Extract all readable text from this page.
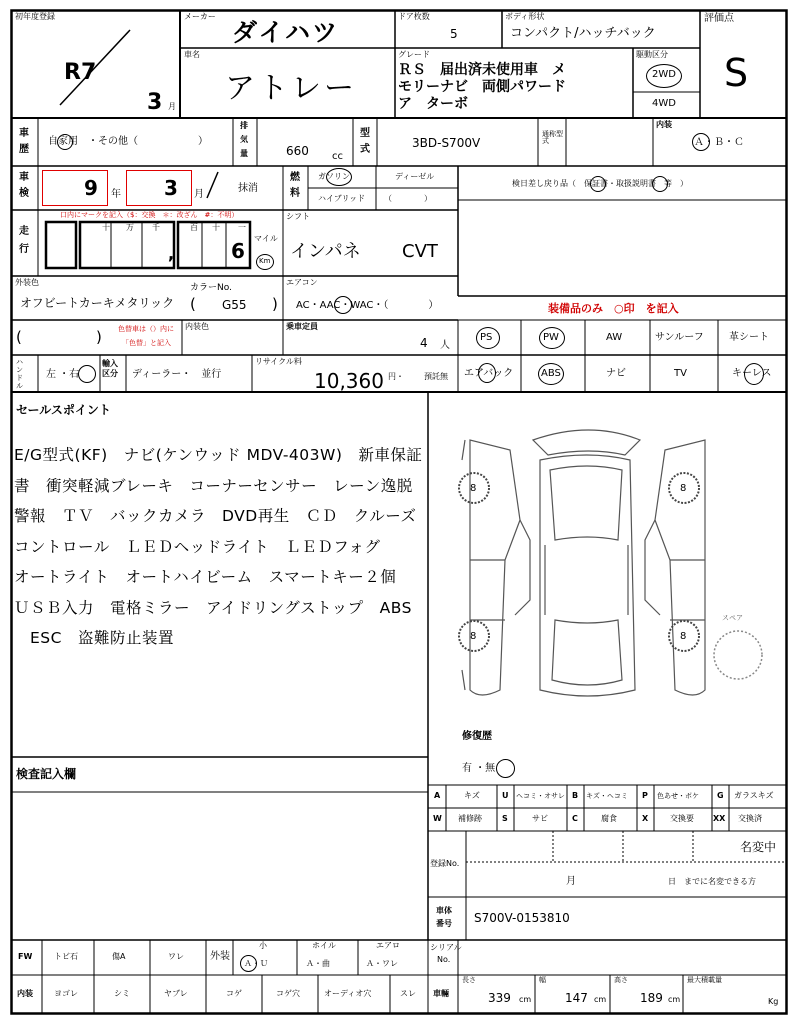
初年度登録
R7
3 月
メーカー
ダイハツ
車名
アトレー
ドア枚数
5
ボディ形状
コンパクト/ハッチバック
グレード
ＲＳ　届出済未使用車　メ
モリーナビ　両側パワード
ア　ターボ
駆動区分
2WD
4WD
評価点
S
車
歴
自家用　・その他（　　　　　　）
排
気
量	660 cc
型
式	3BD-S700V
通称型式
内装
Ａ・Ｂ・Ｃ
車
検	9 年 3 月
抹消
燃
料
ガソリン	ディーゼル
ハイブリッド （　　　　）
検日差し戻り品（　保証書・取扱説明書　等　）
走
行
口内にマークを記入（$：交換　＊：改ざん　#：不明）
十 万 千	百 十 一
,	6
マイル
Km
シフト
インパネ CVT
外装色
カラーNo.
オフビートカーキメタリック ( G55 )
エアコン
AC・AAC・WAC・（　　　　）
(	) 色替車は（）内に
「色替」と記入
内装色	乗車定員
4 人
装備品のみ　○印　を記入
PS	PW	AW	サンルーフ	革シート
エアバック	ABS	ナビ	TV	キーレス
ハンドル
左 ・右
輸入区分	ディーラー・　並行
リサイクル料
10,360 円・	預託無
セールスポイント
E/G型式(KF)　ナビ(ケンウッド MDV-403W)　新車保証
書　衝突軽減ブレーキ　コーナーセンサー　レーン逸脱
警報　ＴＶ　バックカメラ　DVD再生　ＣＤ　クルーズ
コントロール　ＬＥＤヘッドライト　ＬＥＤフォグ
オートライト　オートハイビーム　スマートキー２個
ＵＳＢ入力　電格ミラー　アイドリングストップ　ABS
　ESC　盗難防止装置
8	8
8	8
スペア
修復歴
有 ・無
検査記入欄
A	キズ	U ヘコミ・オサレ B キズ・ヘコミ P 色あせ・ボケ G ガラスキズ
W 補修跡	S	サビ	C	腐食	X	交換要 XX 交換済
登録No.
名変中
月	日　までに名変できる方
車体
番号 S700V-0153810
シリアル
No.
車輛
長さ
339 cm
幅
147 cm
高さ
189 cm
最大積載量
Kg
FW	トビ石	傷A	ワレ	外装
小
Ａ・Ｕ
ホイル
Ａ・曲
エアロ
Ａ・ワレ
内装	ヨゴレ	シミ	ヤブレ	コゲ	コゲ穴	オーディオ穴	スレ
